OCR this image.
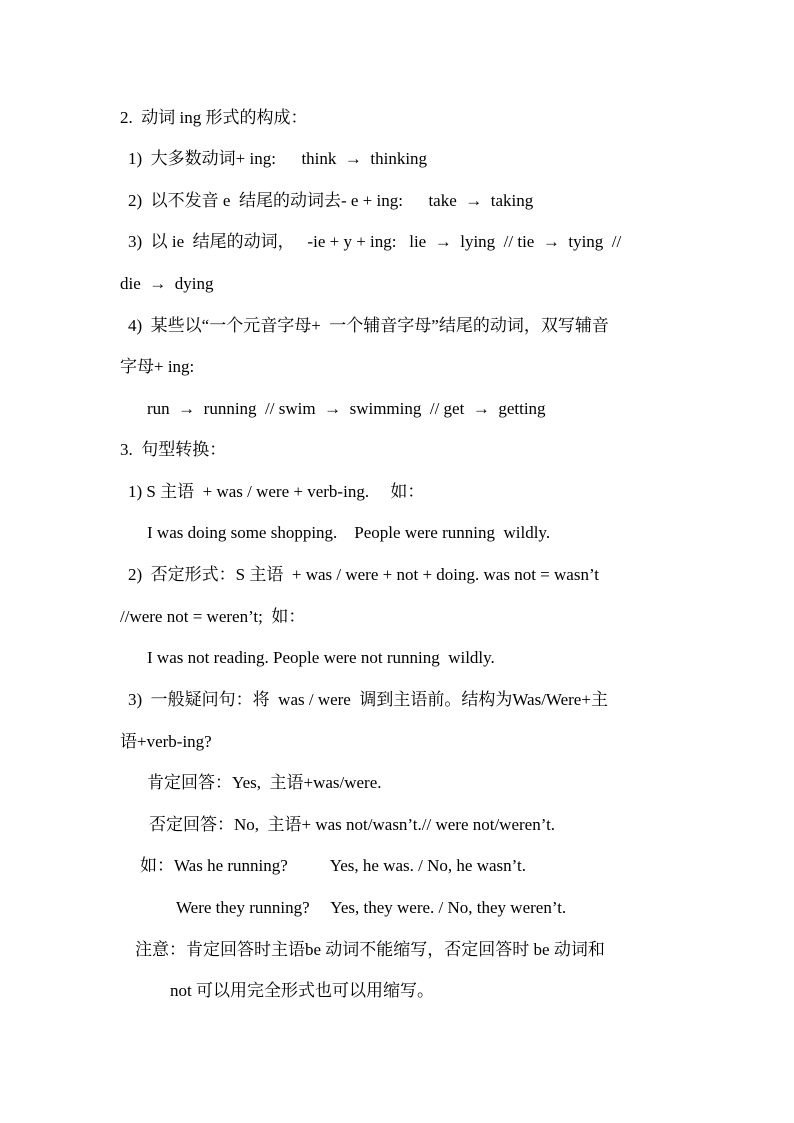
2.  动词 ing 形式的构成：
1)  大多数动词+ ing:      think  →  thinking
2)  以不发音 e  结尾的动词去- e + ing:      take  →  taking
3)  以 ie  结尾的动词，   -ie + y + ing:   lie  →  lying  // tie  →  tying  //
die  →  dying
4)  某些以“一个元音字母+  一个辅音字母”结尾的动词，双写辅音
字母+ ing:
run  →  running  // swim  →  swimming  // get  →  getting
3.  句型转换：
1) S 主语  + was / were + verb-ing.     如：
I was doing some shopping.    People were running  wildly.
2)  否定形式：S 主语  + was / were + not + doing. was not = wasn’t
//were not = weren’t;  如：
I was not reading. People were not running  wildly.
3)  一般疑问句：将  was / were  调到主语前。结构为Was/Were+主
语+verb-ing?
肯定回答：Yes,  主语+was/were.
否定回答：No,  主语+ was not/wasn’t.// were not/weren’t.
如：Was he running?          Yes, he was. / No, he wasn’t.
Were they running?     Yes, they were. / No, they weren’t.
注意：肯定回答时主语be 动词不能缩写，否定回答时 be 动词和
not 可以用完全形式也可以用缩写。
